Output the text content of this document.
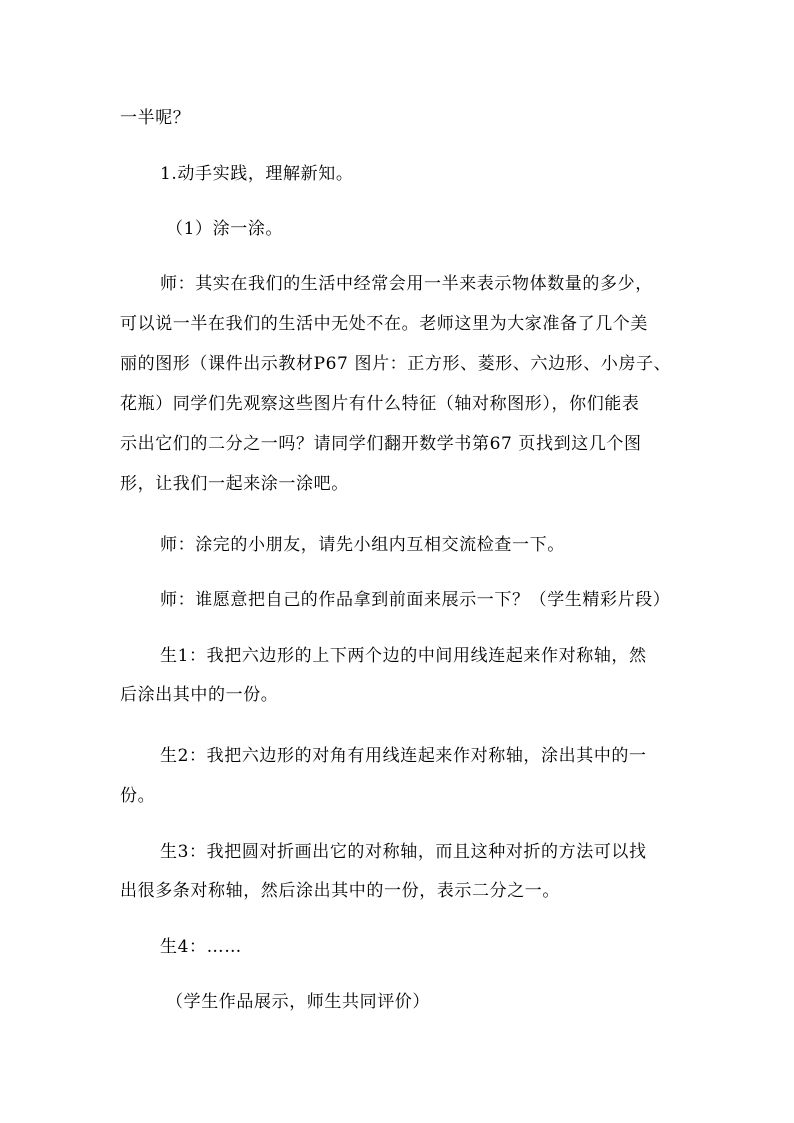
一半呢？
1.动手实践，理解新知。
（1）涂一涂。
师：其实在我们的生活中经常会用一半来表示物体数量的多少，
可以说一半在我们的生活中无处不在。老师这里为大家准备了几个美
丽的图形（课件出示教材P67 图片：正方形、菱形、六边形、小房子、
花瓶）同学们先观察这些图片有什么特征（轴对称图形），你们能表
示出它们的二分之一吗？请同学们翻开数学书第67 页找到这几个图
形，让我们一起来涂一涂吧。
师：涂完的小朋友，请先小组内互相交流检查一下。
师：谁愿意把自己的作品拿到前面来展示一下？（学生精彩片段）
生1：我把六边形的上下两个边的中间用线连起来作对称轴，然
后涂出其中的一份。
生2：我把六边形的对角有用线连起来作对称轴，涂出其中的一
份。
生3：我把圆对折画出它的对称轴，而且这种对折的方法可以找
出很多条对称轴，然后涂出其中的一份，表示二分之一。
生4：……
（学生作品展示，师生共同评价）
